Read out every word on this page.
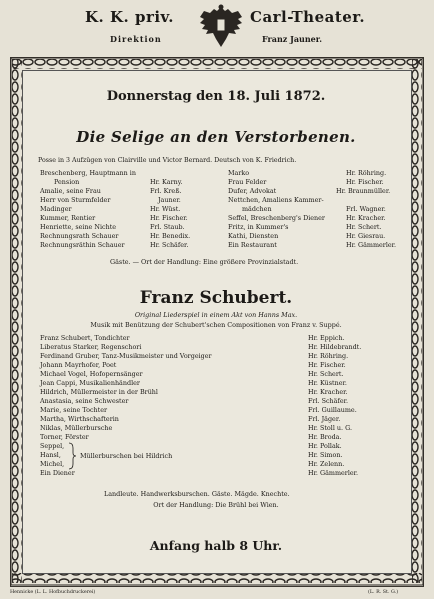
K. K. priv.	Carl-Theater.
Direktion	Franz Jauner.
Donnerstag den 18. Juli 1872.
Die Selige an den Verstorbenen.
Posse in 3 Aufzügen von Clairville und Victor Bernard. Deutsch von K. Friedrich.
Breschenberg, Hauptmann in
Pension	Hr. Karny.
Amalie, seine Frau	Frl. Kreß.
Herr von Sturmfelder	Jauner.
Madinger	Hr. Wüst.
Kummer, Rentier	Hr. Fischer.
Henriette, seine Nichte	Frl. Staub.
Rechnungsrath Schauer	Hr. Benedix.
Rechnungsräthin Schauer	Hr. Schäfer.
Marko	Hr. Röhring.
Frau Felder	Hr. Fischer.
Dufer, Advokat	Hr. Braunmüller.
Nettchen, Amaliens Kammer-
mädchen	Frl. Wagner.
Seffel, Breschenberg's Diener	Hr. Kracher.
Fritz, in Kummer's	Hr. Schert.
Kathi, Diensten	Hr. Giesrau.
Ein Restaurant	Hr. Gämmerler.
Gäste. — Ort der Handlung: Eine größere Provinzialstadt.
Franz Schubert.
Original Liederspiel in einem Akt von Hanns Max.
Musik mit Benützung der Schubert'schen Compositionen von Franz v. Suppé.
Franz Schubert, Tondichter	Hr. Eppich.
Liberatus Starker, Regenschori	Hr. Hildebrandt.
Ferdinand Gruber, Tanz-Musikmeister und Vorgeiger	Hr. Röhring.
Johann Mayrhofer, Poet	Hr. Fischer.
Michael Vogel, Hofopernsänger	Hr. Schert.
Jean Cappi, Musikalienhändler	Hr. Küstner.
Hildrich, Müllermeister in der Brühl	Hr. Kracher.
Anastasia, seine Schwester	Frl. Schäfer.
Marie, seine Tochter	Frl. Guillaume.
Martha, Wirthschafterin	Frl. Jäger.
Niklas, Müllerbursche	Hr. Stoll u. G.
Torner, Förster	Hr. Broda.
Seppel,	Hr. Pollak.
Hansl,	Hr. Simon.
Michel,	Hr. Zelenn.
Ein Diener	Hr. Gämmerler.
Müllerburschen bei Hildrich
Landleute. Handwerksburschen. Gäste. Mägde. Knechte.
Ort der Handlung: Die Brühl bei Wien.
Anfang halb 8 Uhr.
Hennicke (L. L. Hofbuchdruckerei)	(L. R. St. G.)
